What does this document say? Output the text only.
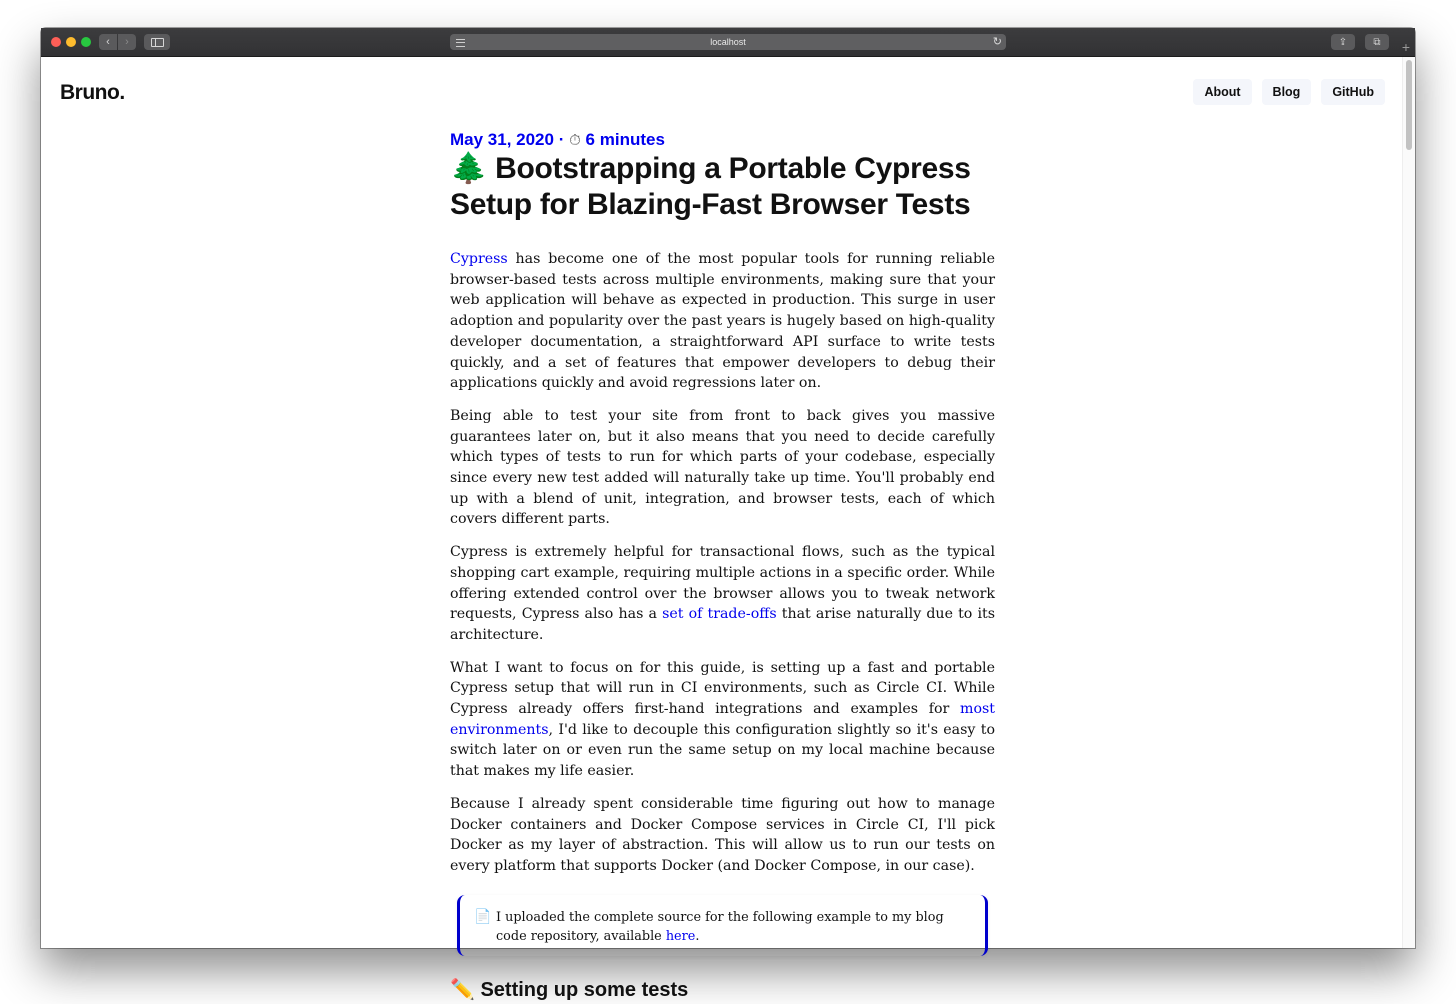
‹	›	localhost	↻	⇪	⧉	+
Bruno.	About	Blog	GitHub
May 31, 2020 · ⏱ 6 minutes
🌲 Bootstrapping a Portable Cypress Setup for Blazing-Fast Browser Tests

Cypress has become one of the most popular tools for running reliable browser-based tests across multiple environments, making sure that your web application will behave as expected in production. This surge in user adoption and popularity over the past years is hugely based on high-quality developer documentation, a straightforward API surface to write tests quickly, and a set of features that empower developers to debug their applications quickly and avoid regressions later on.

Being able to test your site from front to back gives you massive guarantees later on, but it also means that you need to decide carefully which types of tests to run for which parts of your codebase, especially since every new test added will naturally take up time. You'll probably end up with a blend of unit, integration, and browser tests, each of which covers different parts.

Cypress is extremely helpful for transactional flows, such as the typical shopping cart example, requiring multiple actions in a specific order. While offering extended control over the browser allows you to tweak network requests, Cypress also has a set of trade-offs that arise naturally due to its architecture.

What I want to focus on for this guide, is setting up a fast and portable Cypress setup that will run in CI environments, such as Circle CI. While Cypress already offers first-hand integrations and examples for most environments, I'd like to decouple this configuration slightly so it's easy to switch later on or even run the same setup on my local machine because that makes my life easier.

Because I already spent considerable time figuring out how to manage Docker containers and Docker Compose services in Circle CI, I'll pick Docker as my layer of abstraction. This will allow us to run our tests on every platform that supports Docker (and Docker Compose, in our case).

📄 I uploaded the complete source for the following example to my blog code repository, available here.
✏️ Setting up some tests
